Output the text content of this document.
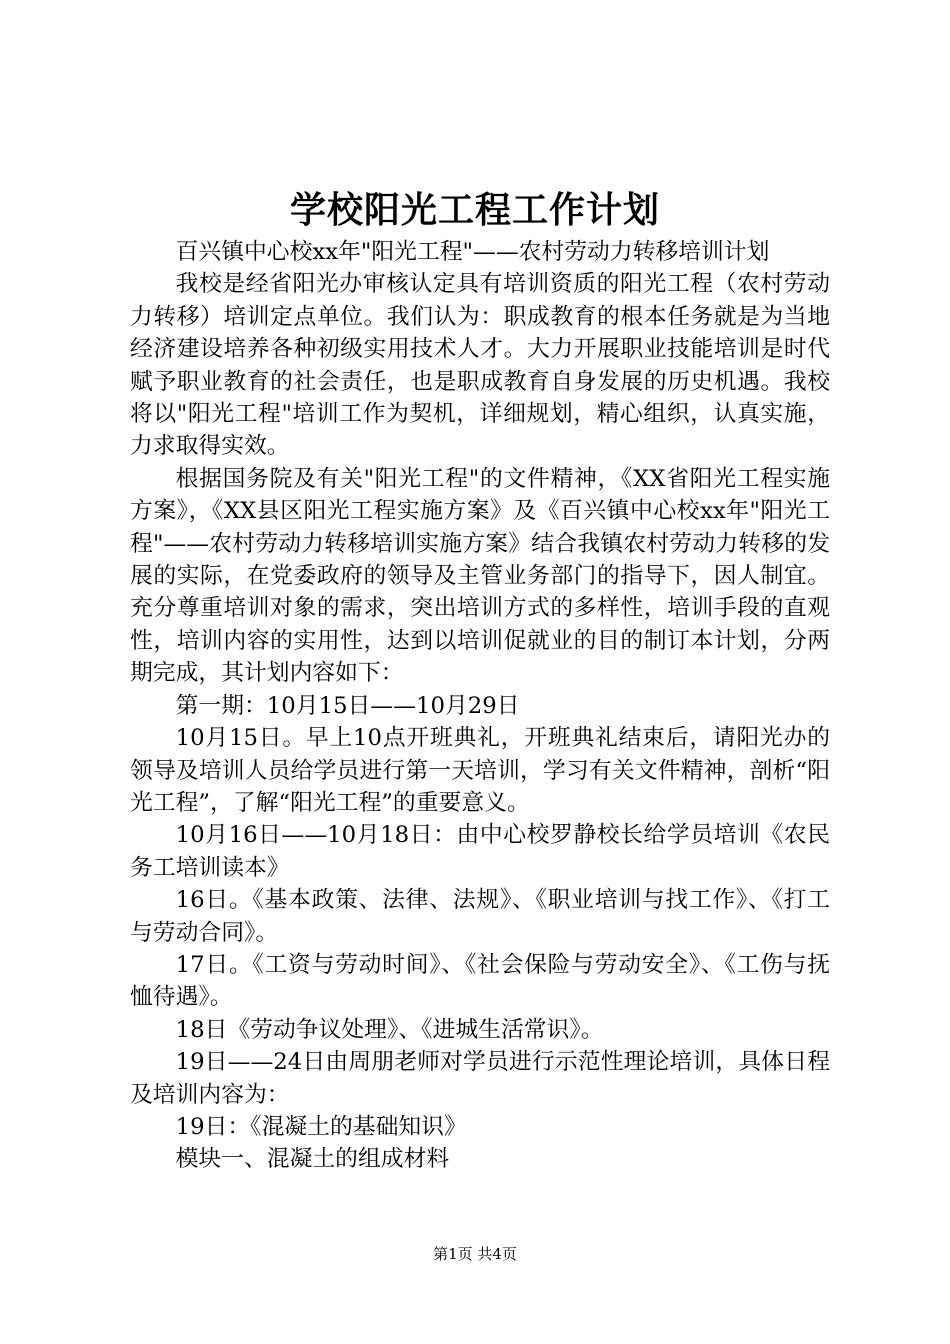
学校阳光工程工作计划

百兴镇中心校xx年"阳光工程"——农村劳动力转移培训计划

我校是经省阳光办审核认定具有培训资质的阳光工程（农村劳动力转移）培训定点单位。我们认为：职成教育的根本任务就是为当地经济建设培养各种初级实用技术人才。大力开展职业技能培训是时代赋予职业教育的社会责任，也是职成教育自身发展的历史机遇。我校将以"阳光工程"培训工作为契机，详细规划，精心组织，认真实施，力求取得实效。

根据国务院及有关"阳光工程"的文件精神，《XX省阳光工程实施方案》，《XX县区阳光工程实施方案》及《百兴镇中心校xx年"阳光工程"——农村劳动力转移培训实施方案》结合我镇农村劳动力转移的发展的实际，在党委政府的领导及主管业务部门的指导下，因人制宜。充分尊重培训对象的需求，突出培训方式的多样性，培训手段的直观性，培训内容的实用性，达到以培训促就业的目的制订本计划，分两期完成，其计划内容如下：

第一期：10月15日——10月29日

10月15日。早上10点开班典礼，开班典礼结束后，请阳光办的领导及培训人员给学员进行第一天培训，学习有关文件精神，剖析“阳光工程”，了解“阳光工程”的重要意义。

10月16日——10月18日：由中心校罗静校长给学员培训《农民务工培训读本》

16日。《基本政策、法律、法规》、《职业培训与找工作》、《打工与劳动合同》。

17日。《工资与劳动时间》、《社会保险与劳动安全》、《工伤与抚恤待遇》。

18日《劳动争议处理》、《进城生活常识》。

19日——24日由周朋老师对学员进行示范性理论培训，具体日程及培训内容为：

19日：《混凝土的基础知识》

模块一、混凝土的组成材料

第1页 共4页
